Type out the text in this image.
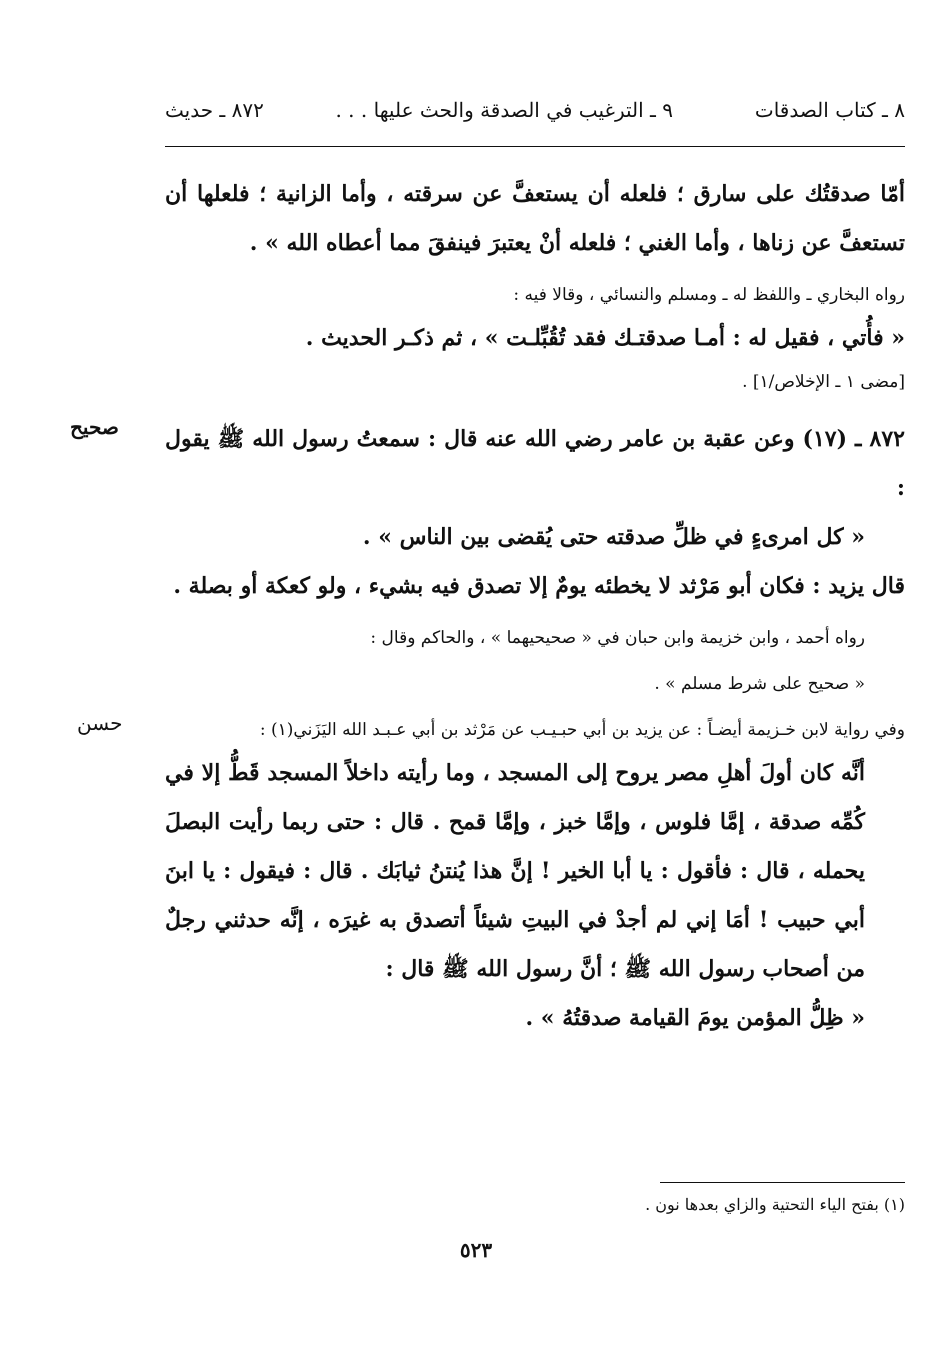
٨ ـ كتاب الصدقات
٩ ـ الترغيب في الصدقة والحث عليها . . .
٨٧٢ ـ حديث

أمّا صدقتُك على سارق ؛ فلعله أن يستعفَّ عن سرقته ، وأما الزانية ؛ فلعلها أن تستعفَّ عن زناها ، وأما الغني ؛ فلعله أنْ يعتبرَ فينفقَ مما أعطاه الله » .

رواه البخاري ـ واللفظ له ـ ومسلم والنسائي ، وقالا فيه :

« فأُتي ، فقيل له : أمـا صدقتـك فقد تُقُبِّلـت » ، ثم ذكـر الحديث .

[مضى ١ ـ الإخلاص/١] .

صحيح ٨٧٢ ـ (١٧) وعن عقبة بن عامر رضي الله عنه قال : سمعتُ رسول الله ﷺ يقول :

« كل امرىءٍ في ظلِّ صدقته حتى يُقضى بين الناس » .

قال يزيد : فكان أبو مَرْثد لا يخطئه يومٌ إلا تصدق فيه بشيء ، ولو كعكة أو بصلة .

رواه أحمد ، وابن خزيمة وابن حبان في « صحيحيهما » ، والحاكم وقال :

« صحيح على شرط مسلم » .

حسن	وفي رواية لابن خـزيمة أيضـاً : عن يزيد بن أبي حبـيـب عن مَرْثد بن أبي عـبـد الله اليَزَني(١) :

أنَّه كان أولَ أهلِ مصر يروح إلى المسجد ، وما رأيته داخلاً المسجد قَطُّ إلا في كُمِّه صدقة ، إمَّا فلوس ، وإمَّا خبز ، وإمَّا قمح . قال : حتى ربما رأيت البصلَ يحمله ، قال : فأقول : يا أبا الخير ! إنَّ هذا يُنتنُ ثيابَك . قال : فيقول : يا ابنَ أبي حبيب ! أمَا إني لم أجدْ في البيتِ شيئاً أتصدق به غيرَه ، إنَّه حدثني رجلٌ من أصحاب رسول الله ﷺ ؛ أنَّ رسول الله ﷺ قال :

« ظِلُّ المؤمن يومَ القيامة صدقتُهُ » .

(١) بفتح الياء التحتية والزاي بعدها نون .
٥٢٣
